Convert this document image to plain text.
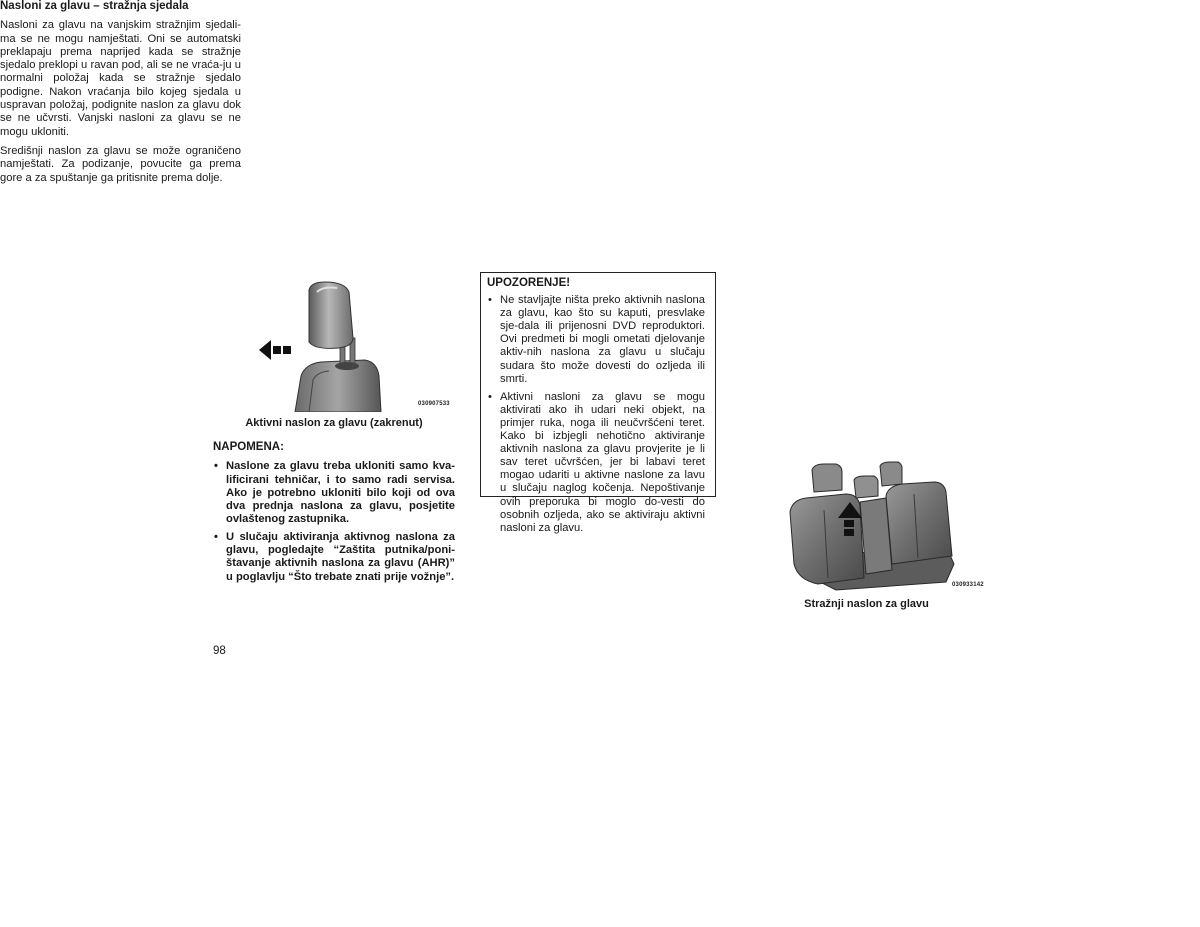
030907533
Aktivni naslon za glavu (zakrenut)
NAPOMENA:
• Naslone za glavu treba ukloniti samo kva-lificirani tehničar, i to samo radi servisa. Ako je potrebno ukloniti bilo koji od ova dva prednja naslona za glavu, posjetite ovlaštenog zastupnika.
• U slučaju aktiviranja aktivnog naslona za glavu, pogledajte “Zaštita putnika/poni-štavanje aktivnih naslona za glavu (AHR)” u poglavlju “Što trebate znati prije vožnje”.
UPOZORENJE!
• Ne stavljajte ništa preko aktivnih naslona za glavu, kao što su kaputi, presvlake sje-dala ili prijenosni DVD reproduktori. Ovi predmeti bi mogli ometati djelovanje aktiv-nih naslona za glavu u slučaju sudara što može dovesti do ozljeda ili smrti.
• Aktivni nasloni za glavu se mogu aktivirati ako ih udari neki objekt, na primjer ruka, noga ili neučvršćeni teret. Kako bi izbjegli nehotično aktiviranje aktivnih naslona za glavu provjerite je li sav teret učvršćen, jer bi labavi teret mogao udariti u aktivne naslone za lavu u slučaju naglog kočenja. Nepoštivanje ovih preporuka bi moglo do-vesti do osobnih ozljeda, ako se aktiviraju aktivni nasloni za glavu.
Nasloni za glavu – stražnja sjedala

Nasloni za glavu na vanjskim stražnjim sjedali-ma se ne mogu namještati. Oni se automatski preklapaju prema naprijed kada se stražnje sjedalo preklopi u ravan pod, ali se ne vraća-ju u normalni položaj kada se stražnje sjedalo podigne. Nakon vraćanja bilo kojeg sjedala u uspravan položaj, podignite naslon za glavu dok se ne učvrsti. Vanjski nasloni za glavu se ne mogu ukloniti.

Središnji naslon za glavu se može ograničeno namještati. Za podizanje, povucite ga prema gore a za spuštanje ga pritisnite prema dolje.

030933142
Stražnji naslon za glavu
98
